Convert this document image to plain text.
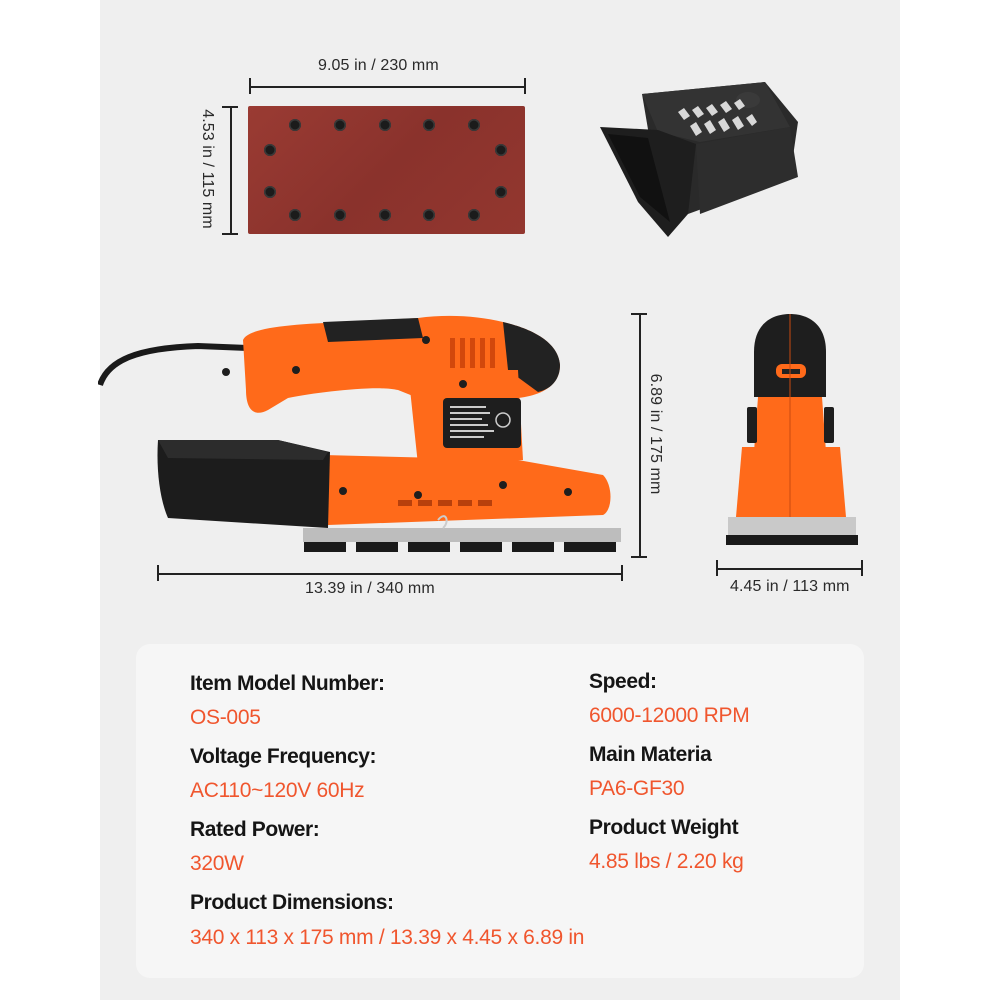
9.05 in / 230 mm
4.53 in / 115 mm
13.39 in / 340 mm
6.89 in / 175 mm
4.45 in / 113 mm
Item Model Number:
OS-005
Voltage Frequency:
AC110~120V 60Hz
Rated Power:
320W
Product Dimensions:
340 x 113 x 175 mm / 13.39 x 4.45 x 6.89 in
Speed:
6000-12000 RPM
Main Materia
PA6-GF30
Product Weight
4.85 lbs / 2.20 kg
